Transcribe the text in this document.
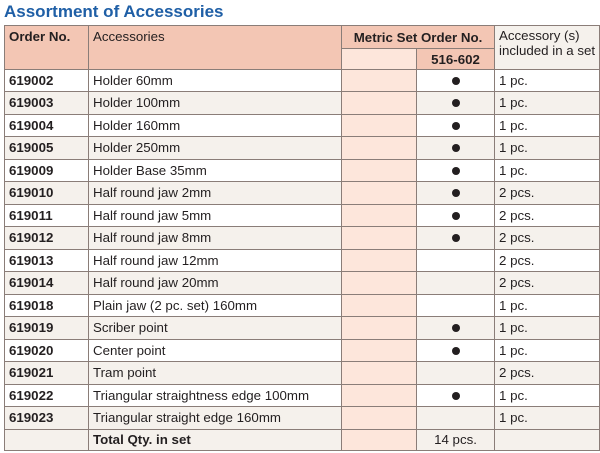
Assortment of Accessories
Order No.	Accessories	Metric Set Order No.		Accessory (s)
included in a set
			516-602	
619002	Holder 60mm			1 pc.
619003	Holder 100mm			1 pc.
619004	Holder 160mm			1 pc.
619005	Holder 250mm			1 pc.
619009	Holder Base 35mm			1 pc.
619010	Half round jaw 2mm			2 pcs.
619011	Half round jaw 5mm			2 pcs.
619012	Half round jaw 8mm			2 pcs.
619013	Half round jaw 12mm			2 pcs.
619014	Half round jaw 20mm			2 pcs.
619018	Plain jaw (2 pc. set) 160mm			1 pc.
619019	Scriber point			1 pc.
619020	Center point			1 pc.
619021	Tram point			2 pcs.
619022	Triangular straightness edge 100mm			1 pc.
619023	Triangular straight edge 160mm			1 pc.
	Total Qty. in set		14 pcs.	
